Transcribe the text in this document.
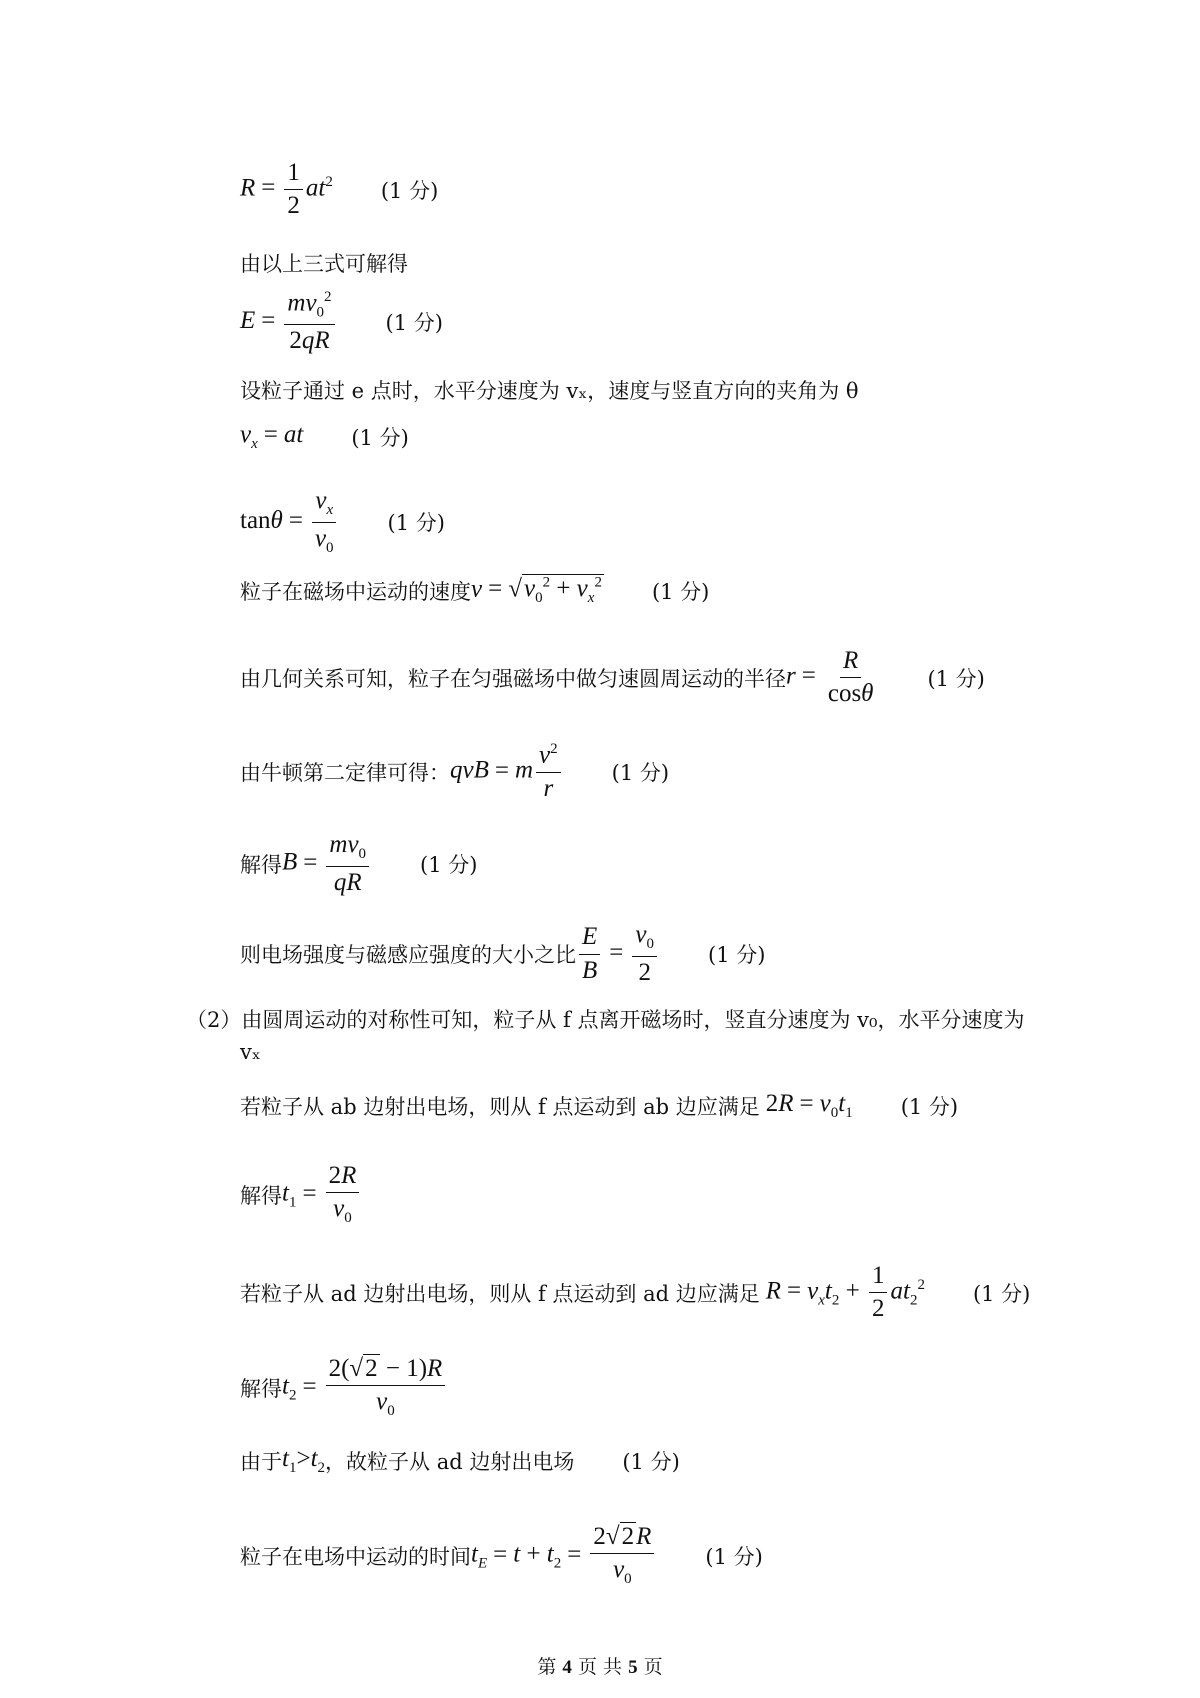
$R = \frac{1}{2} at^2$ (1 分)
由以上三式可解得
$E = \frac{mv_0^2}{2qR} (1$ 分)
设粒子通过 e 点时，水平分速度为 vₓ，速度与竖直方向的夹角为 θ
$v_x$ = at (1 分)
$\tan\theta = \frac{v_x}{v_0} (1$ 分)
粒子在磁场中运动的速度 $v = √v_0^2 + v_x^2$ (1 分)
由几何关系可知，粒子在匀强磁场中做匀速圆周运动的半径 $r = \frac{R}{\cos\theta} (1$ 分)
由牛顿第二定律可得： qvB = m $\frac{v^2}{r} (1$ 分)
解得 $B = \frac{mv_0}{qR} (1$ 分)
则电场强度与磁感应强度的大小之比 $\frac{E}{B} = \frac{v_0}{2} (1$ 分)
（2） 由圆周运动的对称性可知，粒子从 f 点离开磁场时，竖直分速度为 v₀，水平分速度为
vₓ
若粒子从 ab 边射出电场，则从 f 点运动到 ab 边应满足 $2R = v_0t_1$ (1 分)
解得 $t_1 = \frac{2R}{v_0}$
若粒子从 ad 边射出电场，则从 f 点运动到 ad 边应满足 $R = v_xt_2 + \frac{1}{2} at_2^2$ (1 分)
解得 $t_2 = \frac{2(√2 - 1)R}{v_0}$
由于 $t_1>t_2$ ，故粒子从 ad 边射出电场 (1 分)
粒子在电场中运动的时间 $t_E = t + t_2 = \frac{2√2R}{v_0} (1$ 分)
第 4 页 共 5 页
